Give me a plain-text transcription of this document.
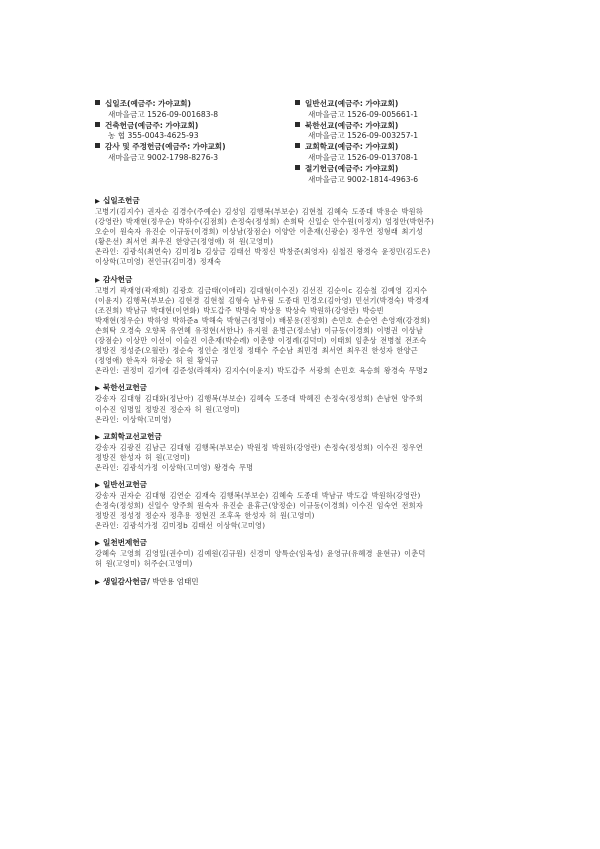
십일조(예금주: 가야교회)
새마을금고 1526-09-001683-8
건축헌금(예금주: 가야교회)
농 협 355-0043-4625-93
감사 및 주정헌금(예금주: 가야교회)
새마을금고 9002-1798-8276-3
일반선교(예금주: 가야교회)
새마을금고 1526-09-005661-1
북한선교(예금주: 가야교회)
새마을금고 1526-09-003257-1
교회학교(예금주: 가야교회)
새마을금고 1526-09-013708-1
절기헌금(예금주: 가야교회)
새마을금고 9002-1814-4963-6
▶ 십일조헌금

고병기(김지수) 권자순 김경수(주예순) 김성임 김행복(부보순) 김현철 김혜숙 도종대 박용순 박원하

(강영란) 박재현(정우순) 박하수(김점희) 손정숙(정성희) 손희탁 신일순 안수원(이정지) 엄정안(박현주)

오순이 원숙자 유진순 이규동(이경희) 이상남(장점순) 이양안 이춘재(신광순) 정우연 정형래 최기성

(황은선) 최서연 최우진 한양근(정영애) 허 원(고영미)

온라인: 김광석(최연숙) 김미정b 김상금 김태선 박정신 박창준(최영자) 심철진 왕경숙 윤정민(김도은)

이상학(고미영) 전인규(김미경) 정재숙

▶ 감사헌금

고병기 곽재영(곽재희) 김광호 김금태(이애리) 김대형(이수진) 김선진 김순이c 김승철 김예영 김지수

(이윤지) 김행복(부보순) 김현경 김현철 김형숙 남우림 도종대 민경오(김아영) 민선기(박경숙) 박경재

(조진희) 박남규 박대현(이연화) 박도갑주 박명숙 박상용 박상숙 박원하(강영란) 박승빈

박재현(정우순) 박하영 박하준a 박해숙 박형근(정명이) 배봉용(진정희) 손민호 손순연 손영재(강경희)

손희탁 오경숙 오향복 유연혜 유정현(서한나) 유지원 윤병근(정소남) 이규동(이경희) 이병권 이상남

(장점순) 이상만 이선이 이슬진 이춘재(박순례) 이춘향 이정례(김덕미) 이태희 임춘상 전병철 전조숙

정방진 정성준(오월란) 정순숙 정인순 정인정 정태수 주순남 최민경 최서연 최우진 한성자 한양근

(정영애) 한옥자 허광순 허 원 황익규

온라인: 권정미 김기애 김준성(라해자) 김지수(이윤지) 박도갑주 서광희 손민호 육승희 왕경숙 무명2

▶ 북한선교헌금

강송자 김대형 김대화(정난아) 김행복(부보순) 김혜숙 도종대 박혜진 손정숙(정성희) 손남현 양주희

이수진 임명일 정방진 정순자 허 원(고영미)

온라인: 이상학(고미영)

▶ 교회학교선교헌금

강송자 김광진 김남근 김대형 김행복(부보순) 박원정 박원하(강영란) 손정숙(정성희) 이수진 정우연

정방진 한성자 허 원(고영미)

온라인: 김광석가정 이상학(고미영) 왕경숙 무명

▶ 일반선교헌금

강송자 권자순 김대형 김연순 김재숙 김행복(부보순) 김혜숙 도종대 박남규 박도갑 박원하(강영란)

손정숙(정성희) 신일수 양주희 원숙자 유진순 윤휴근(양정순) 이규동(이경희) 이수진 임숙연 전희자

정방진 정성정 정순자 정추용 정현진 조후옥 한성자 허 원(고영미)

온라인: 김광석가정 김미정b 김태선 이상학(고미영)

▶ 일천번제헌금

강혜숙 고영희 김영일(권수미) 김예원(김규원) 신경미 양특순(임육성) 윤영규(유혜경 윤현규) 이춘덕

허 원(고영미) 허주순(고영미)

▶ 생일감사헌금/ 박만용 엄태민
